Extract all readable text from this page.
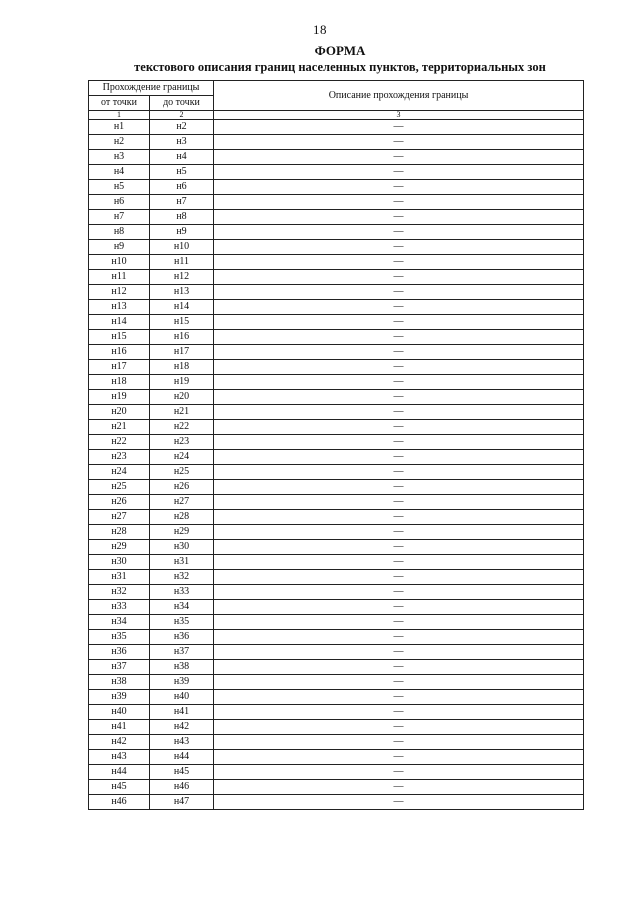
18
ФОРМА
текстового описания границ населенных пунктов, территориальных зон
Прохождение границы		Описание прохождения границы
от точки	до точки	
1	2	3
н1	н2	—
н2	н3	—
н3	н4	—
н4	н5	—
н5	н6	—
н6	н7	—
н7	н8	—
н8	н9	—
н9	н10	—
н10	н11	—
н11	н12	—
н12	н13	—
н13	н14	—
н14	н15	—
н15	н16	—
н16	н17	—
н17	н18	—
н18	н19	—
н19	н20	—
н20	н21	—
н21	н22	—
н22	н23	—
н23	н24	—
н24	н25	—
н25	н26	—
н26	н27	—
н27	н28	—
н28	н29	—
н29	н30	—
н30	н31	—
н31	н32	—
н32	н33	—
н33	н34	—
н34	н35	—
н35	н36	—
н36	н37	—
н37	н38	—
н38	н39	—
н39	н40	—
н40	н41	—
н41	н42	—
н42	н43	—
н43	н44	—
н44	н45	—
н45	н46	—
н46	н47	—
